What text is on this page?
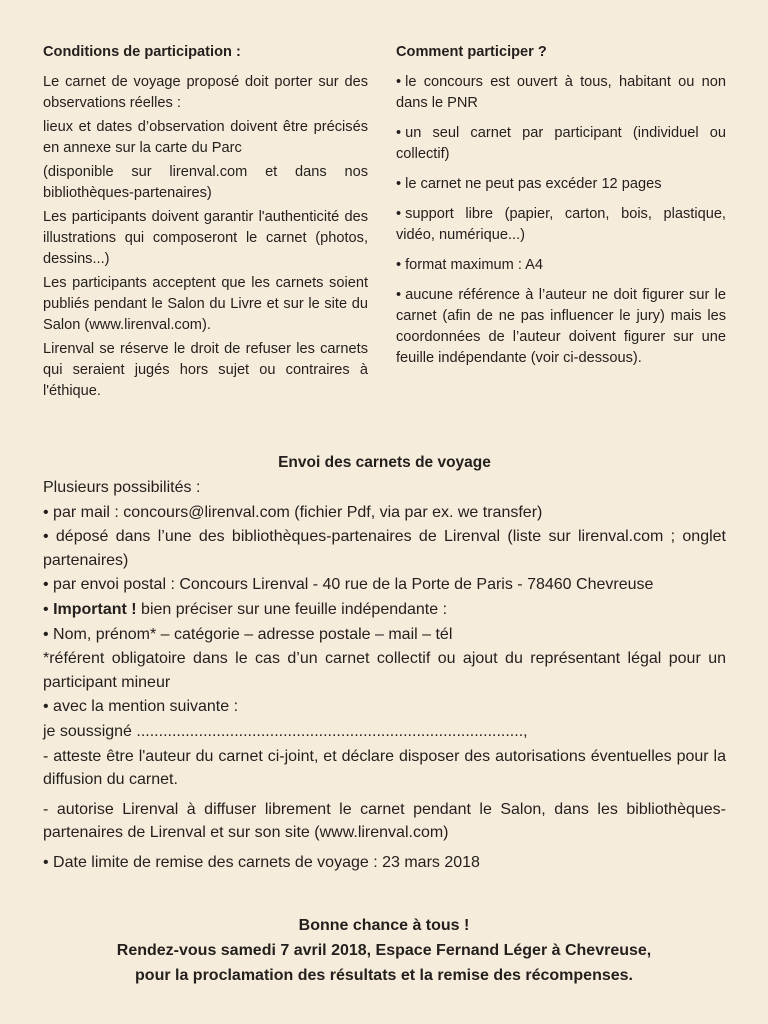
Conditions de participation :

Le carnet de voyage proposé doit porter sur des observations réelles :

lieux et dates d’observation doivent être précisés en annexe sur la carte du Parc

(disponible sur lirenval.com et dans nos bibliothèques-partenaires)

Les participants doivent garantir l'authenticité des illustrations qui composeront le carnet (photos, dessins...)

Les participants acceptent que les carnets soient publiés pendant le Salon du Livre et sur le site du Salon (www.lirenval.com).

Lirenval se réserve le droit de refuser les carnets qui seraient jugés hors sujet ou contraires à l'éthique.

Comment participer ?
• le concours est ouvert à tous, habitant ou non dans le PNR
• un seul carnet par participant (individuel ou collectif)
• le carnet ne peut pas excéder 12 pages
• support libre (papier, carton, bois, plastique, vidéo, numérique...)
• format maximum : A4
• aucune référence à l’auteur ne doit figurer sur le carnet (afin de ne pas influencer le jury) mais les coordonnées de l’auteur doivent figurer sur une feuille indépendante (voir ci-dessous).
Envoi des carnets de voyage

Plusieurs possibilités :

• par mail : concours@lirenval.com (fichier Pdf, via par ex. we transfer)

• déposé dans l’une des bibliothèques-partenaires de Lirenval (liste sur lirenval.com ; onglet partenaires)

• par envoi postal : Concours Lirenval - 40 rue de la Porte de Paris - 78460 Chevreuse

• Important ! bien préciser sur une feuille indépendante :

• Nom, prénom* – catégorie – adresse postale – mail – tél

*référent obligatoire dans le cas d’un carnet collectif ou ajout du représentant légal pour un participant mineur

• avec la mention suivante :

je soussigné .......................................................................................,

- atteste être l'auteur du carnet ci-joint, et déclare disposer des autorisations éventuelles pour la diffusion du carnet.

- autorise Lirenval à diffuser librement le carnet pendant le Salon, dans les bibliothèques-partenaires de Lirenval et sur son site (www.lirenval.com)

• Date limite de remise des carnets de voyage : 23 mars 2018

Bonne chance à tous !
Rendez-vous samedi 7 avril 2018, Espace Fernand Léger à Chevreuse,
pour la proclamation des résultats et la remise des récompenses.
